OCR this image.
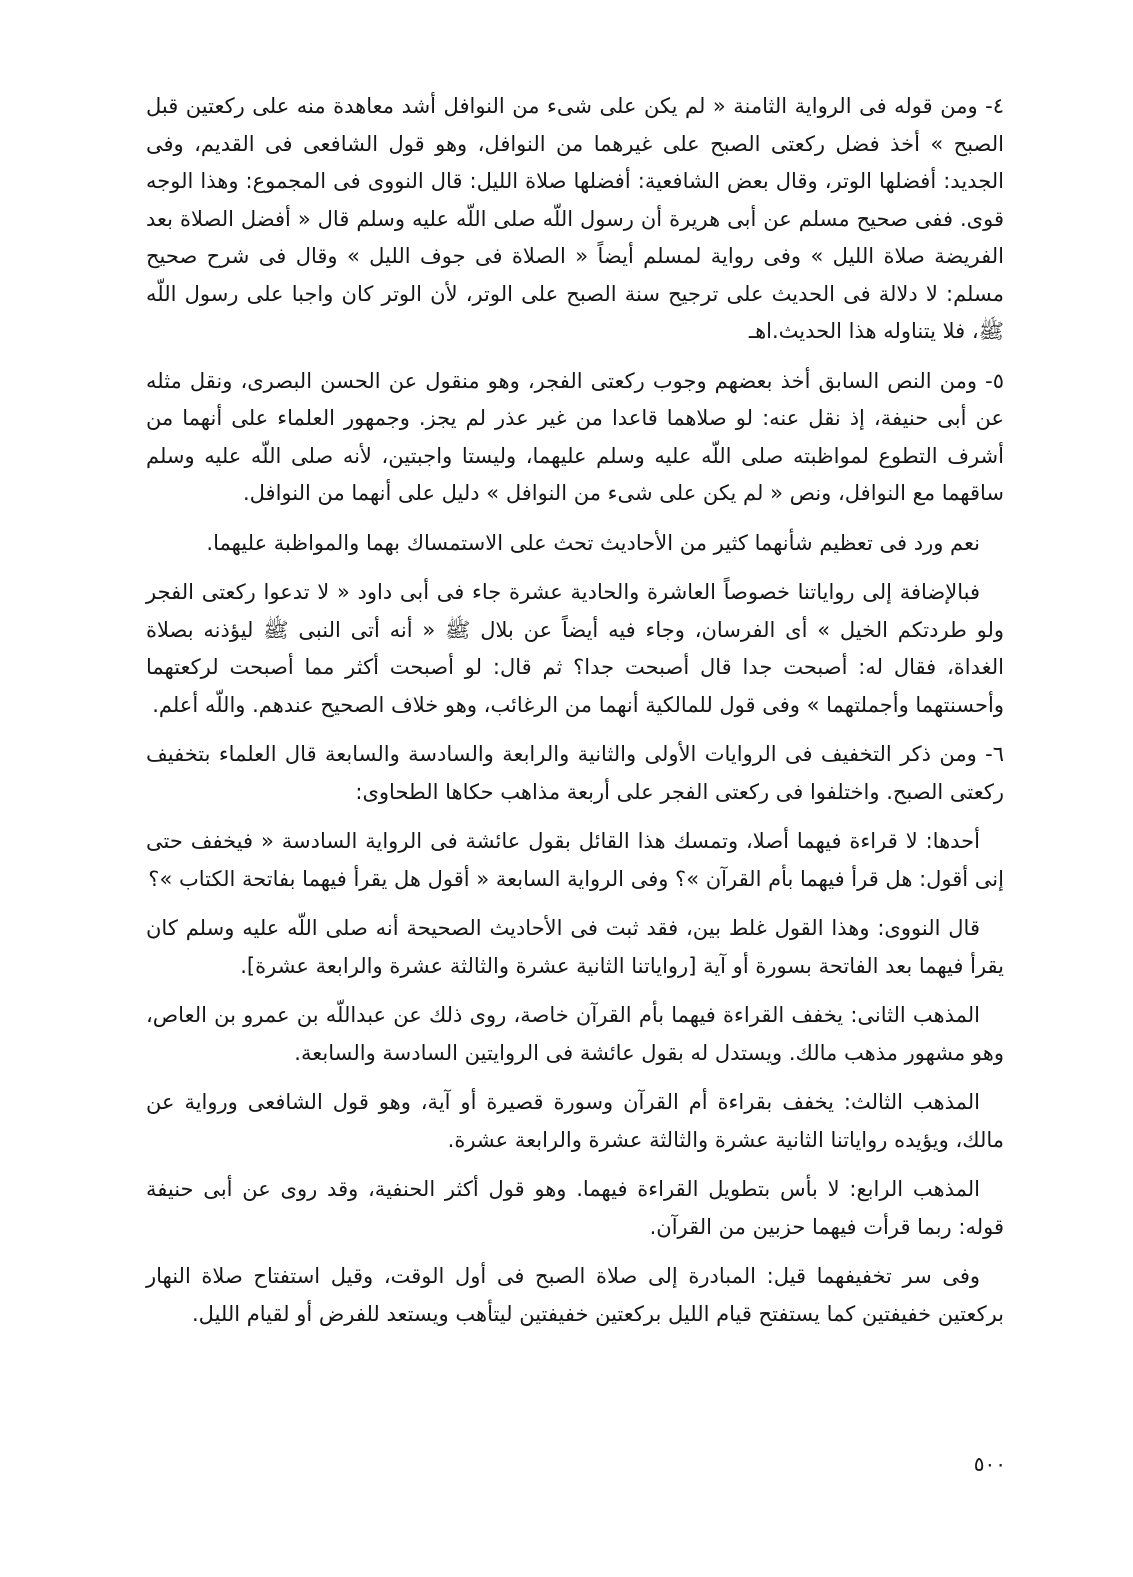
٤- ومن قوله فى الرواية الثامنة « لم يكن على شىء من النوافل أشد معاهدة منه على ركعتين قبل الصبح » أخذ فضل ركعتى الصبح على غيرهما من النوافل، وهو قول الشافعى فى القديم، وفى الجديد: أفضلها الوتر، وقال بعض الشافعية: أفضلها صلاة الليل: قال النووى فى المجموع: وهذا الوجه قوى. ففى صحيح مسلم عن أبى هريرة أن رسول اللّه صلى اللّه عليه وسلم قال « أفضل الصلاة بعد الفريضة صلاة الليل » وفى رواية لمسلم أيضاً « الصلاة فى جوف الليل » وقال فى شرح صحيح مسلم: لا دلالة فى الحديث على ترجيح سنة الصبح على الوتر، لأن الوتر كان واجبا على رسول اللّه ﷺ، فلا يتناوله هذا الحديث.اهـ

٥- ومن النص السابق أخذ بعضهم وجوب ركعتى الفجر، وهو منقول عن الحسن البصرى، ونقل مثله عن أبى حنيفة، إذ نقل عنه: لو صلاهما قاعدا من غير عذر لم يجز. وجمهور العلماء على أنهما من أشرف التطوع لمواظبته صلى اللّه عليه وسلم عليهما، وليستا واجبتين، لأنه صلى اللّه عليه وسلم ساقهما مع النوافل، ونص « لم يكن على شىء من النوافل » دليل على أنهما من النوافل.

نعم ورد فى تعظيم شأنهما كثير من الأحاديث تحث على الاستمساك بهما والمواظبة عليهما.

فبالإضافة إلى رواياتنا خصوصاً العاشرة والحادية عشرة جاء فى أبى داود « لا تدعوا ركعتى الفجر ولو طردتكم الخيل » أى الفرسان، وجاء فيه أيضاً عن بلال ﷺ « أنه أتى النبى ﷺ ليؤذنه بصلاة الغداة، فقال له: أصبحت جدا قال أصبحت جدا؟ ثم قال: لو أصبحت أكثر مما أصبحت لركعتهما وأحسنتهما وأجملتهما » وفى قول للمالكية أنهما من الرغائب، وهو خلاف الصحيح عندهم. واللّه أعلم.

٦- ومن ذكر التخفيف فى الروايات الأولى والثانية والرابعة والسادسة والسابعة قال العلماء بتخفيف ركعتى الصبح. واختلفوا فى ركعتى الفجر على أربعة مذاهب حكاها الطحاوى:

أحدها: لا قراءة فيهما أصلا، وتمسك هذا القائل بقول عائشة فى الرواية السادسة « فيخفف حتى إنى أقول: هل قرأ فيهما بأم القرآن »؟ وفى الرواية السابعة « أقول هل يقرأ فيهما بفاتحة الكتاب »؟

قال النووى: وهذا القول غلط بين، فقد ثبت فى الأحاديث الصحيحة أنه صلى اللّه عليه وسلم كان يقرأ فيهما بعد الفاتحة بسورة أو آية [رواياتنا الثانية عشرة والثالثة عشرة والرابعة عشرة].

المذهب الثانى: يخفف القراءة فيهما بأم القرآن خاصة، روى ذلك عن عبداللّه بن عمرو بن العاص، وهو مشهور مذهب مالك. ويستدل له بقول عائشة فى الروايتين السادسة والسابعة.

المذهب الثالث: يخفف بقراءة أم القرآن وسورة قصيرة أو آية، وهو قول الشافعى ورواية عن مالك، ويؤيده رواياتنا الثانية عشرة والثالثة عشرة والرابعة عشرة.

المذهب الرابع: لا بأس بتطويل القراءة فيهما. وهو قول أكثر الحنفية، وقد روى عن أبى حنيفة قوله: ربما قرأت فيهما حزبين من القرآن.

وفى سر تخفيفهما قيل: المبادرة إلى صلاة الصبح فى أول الوقت، وقيل استفتاح صلاة النهار بركعتين خفيفتين كما يستفتح قيام الليل بركعتين خفيفتين ليتأهب ويستعد للفرض أو لقيام الليل.

٥٠٠
